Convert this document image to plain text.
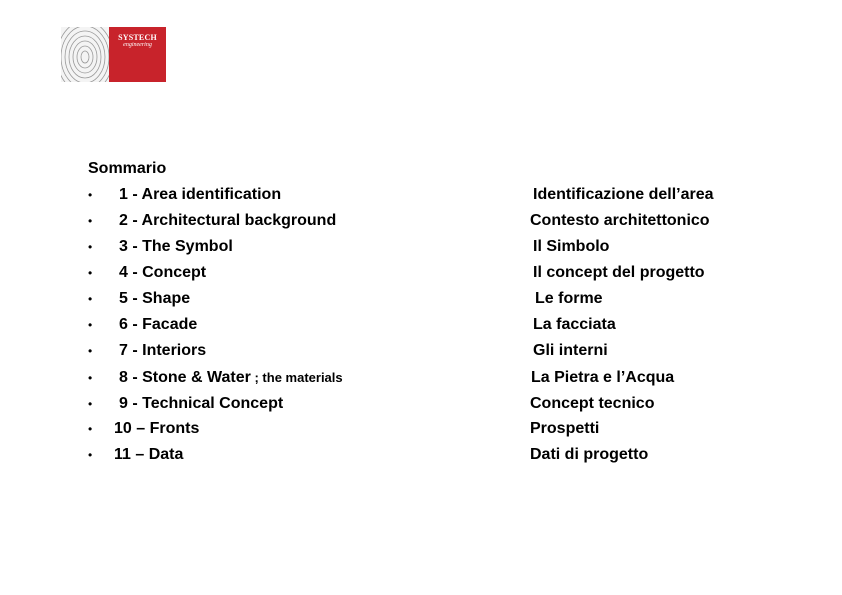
SYSTECH
engineering
Sommario
• 1 - Area identification	Identificazione dell’area
• 2 - Architectural background	Contesto architettonico
• 3 - The Symbol	Il Simbolo
• 4 - Concept	Il concept del progetto
• 5 - Shape	Le forme
• 6 - Facade	La facciata
• 7 - Interiors	Gli interni
• 8 - Stone & Water ; the materials	La Pietra e l’Acqua
• 9 - Technical Concept	Concept tecnico
• 10 – Fronts	Prospetti
• 11 – Data	Dati di progetto
